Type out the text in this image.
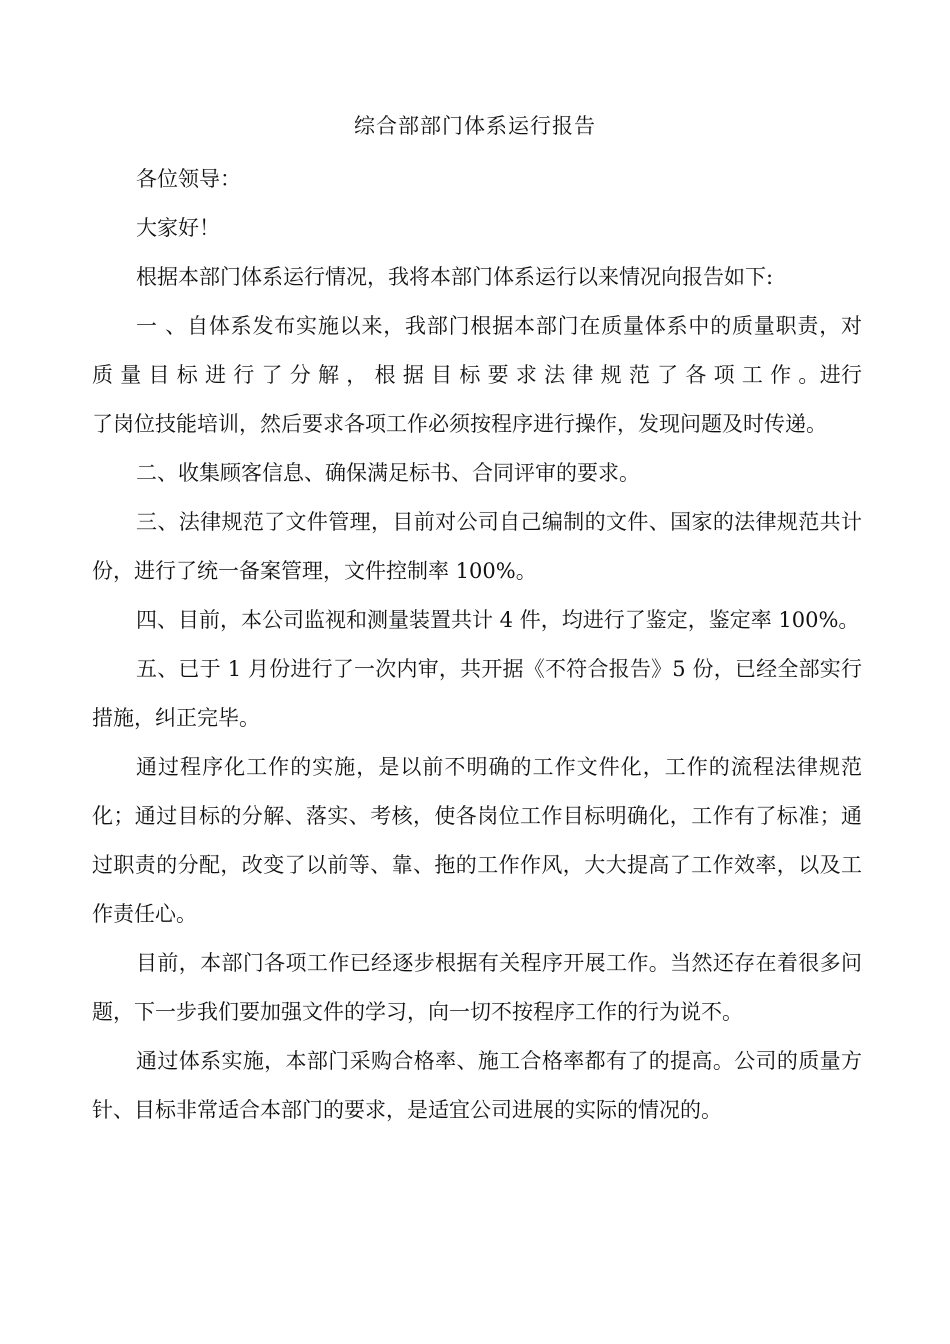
综合部部门体系运行报告

各位领导：

大家好！

根据本部门体系运行情况，我将本部门体系运行以来情况向报告如下:

一 、自体系发布实施以来，我部门根据本部门在质量体系中的质量职责，对 质 量 目 标 进 行 了 分 解 ， 根 据 目 标 要 求 法 律 规 范 了 各 项 工 作 。进行了岗位技能培训，然后要求各项工作必须按程序进行操作，发现问题及时传递。

二、收集顾客信息、确保满足标书、合同评审的要求。

三、法律规范了文件管理，目前对公司自己编制的文件、国家的法律规范共计　份，进行了统一备案管理，文件控制率 100%。

四、目前，本公司监视和测量装置共计 4 件，均进行了鉴定，鉴定率 100%。

五、已于 1 月份进行了一次内审，共开据《不符合报告》5 份，已经全部实行措施，纠正完毕。

通过程序化工作的实施，是以前不明确的工作文件化，工作的流程法律规范化；通过目标的分解、落实、考核，使各岗位工作目标明确化，工作有了标准；通过职责的分配，改变了以前等、靠、拖的工作作风，大大提高了工作效率，以及工作责任心。

目前，本部门各项工作已经逐步根据有关程序开展工作。当然还存在着很多问题，下一步我们要加强文件的学习，向一切不按程序工作的行为说不。

通过体系实施，本部门采购合格率、施工合格率都有了的提高。公司的质量方针、目标非常适合本部门的要求，是适宜公司进展的实际的情况的。
